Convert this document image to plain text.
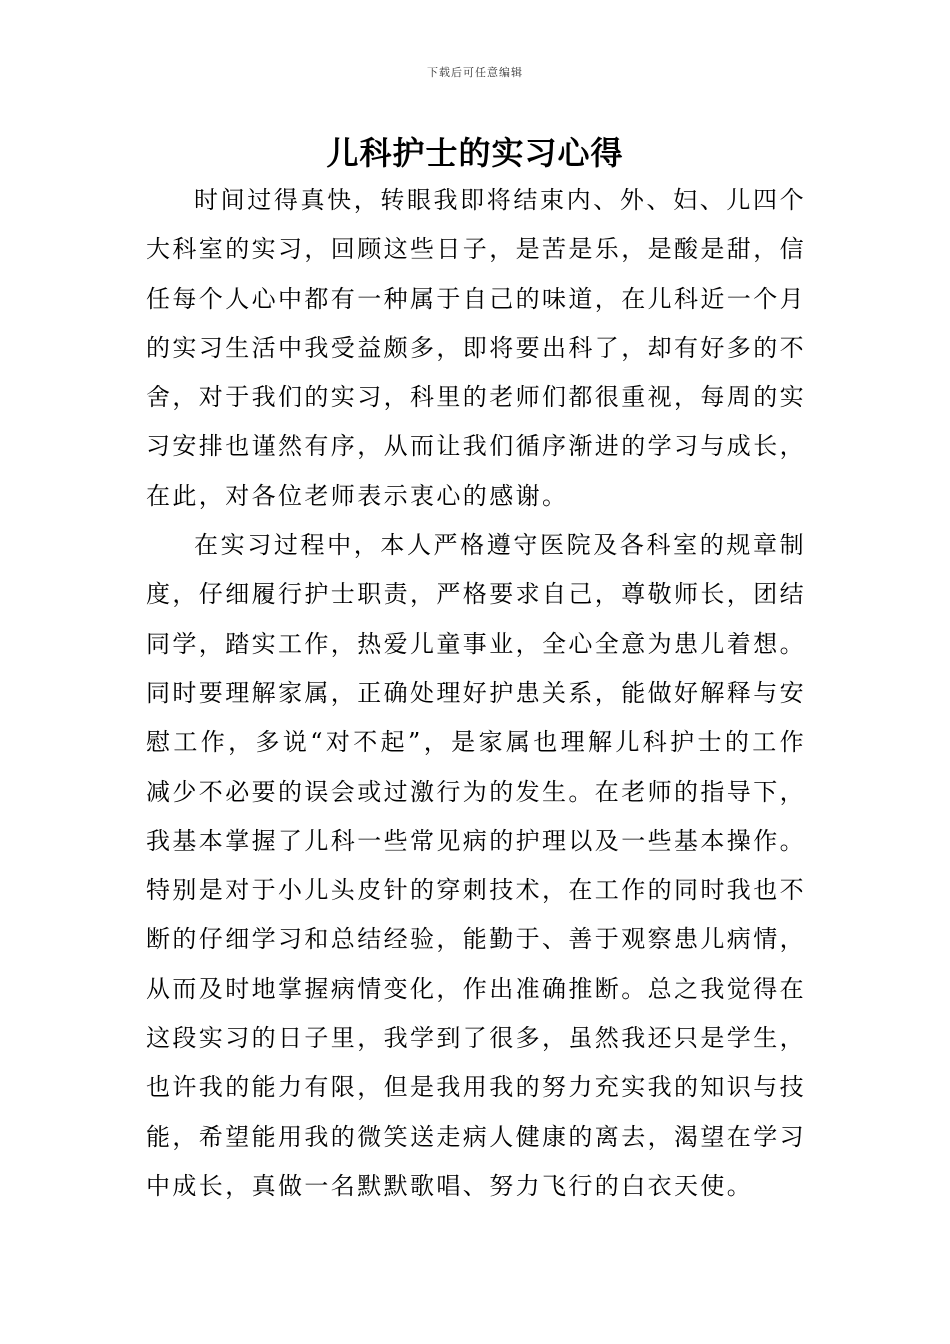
下载后可任意编辑
儿科护士的实习心得

时间过得真快，转眼我即将结束内、外、妇、儿四个大科室的实习，回顾这些日子，是苦是乐，是酸是甜，信任每个人心中都有一种属于自己的味道，在儿科近一个月的实习生活中我受益颇多，即将要出科了，却有好多的不舍，对于我们的实习，科里的老师们都很重视，每周的实习安排也谨然有序，从而让我们循序渐进的学习与成长，在此，对各位老师表示衷心的感谢。

在实习过程中，本人严格遵守医院及各科室的规章制度，仔细履行护士职责，严格要求自己，尊敬师长，团结同学，踏实工作，热爱儿童事业，全心全意为患儿着想。同时要理解家属，正确处理好护患关系，能做好解释与安慰工作，多说“对不起”，是家属也理解儿科护士的工作减少不必要的误会或过激行为的发生。在老师的指导下，我基本掌握了儿科一些常见病的护理以及一些基本操作。特别是对于小儿头皮针的穿刺技术，在工作的同时我也不断的仔细学习和总结经验，能勤于、善于观察患儿病情，从而及时地掌握病情变化，作出准确推断。总之我觉得在这段实习的日子里，我学到了很多，虽然我还只是学生，也许我的能力有限，但是我用我的努力充实我的知识与技能，希望能用我的微笑送走病人健康的离去，渴望在学习中成长，真做一名默默歌唱、努力飞行的白衣天使。
